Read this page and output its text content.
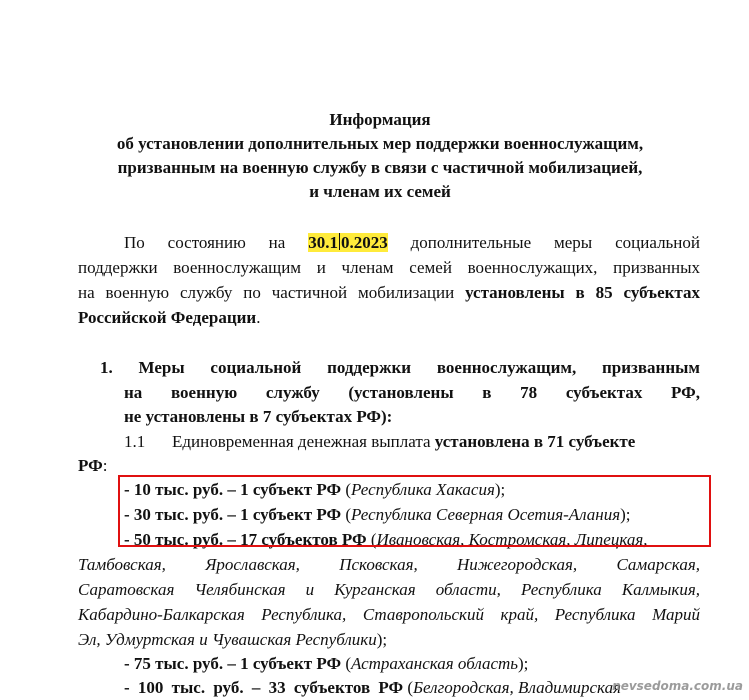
Информация
об установлении дополнительных мер поддержки военнослужащим,
призванным на военную службу в связи с частичной мобилизацией,
и членам их семей
По состоянию на 30.1 0.2023 дополнительные меры социальной
поддержки военнослужащим и членам семей военнослужащих, призванных
на военную службу по частичной мобилизации установлены в 85 субъектах
Российской Федерации.
1. Меры социальной поддержки военнослужащим, призванным
на военную службу (установлены в 78 субъектах РФ,
не установлены в 7 субъектах РФ):
1.1 Единовременная денежная выплата установлена в 71 субъекте
РФ:
- 10 тыс. руб. – 1 субъект РФ (Республика Хакасия);
- 30 тыс. руб. – 1 субъект РФ (Республика Северная Осетия-Алания);
- 50 тыс. руб. – 17 субъектов РФ (Ивановская, Костромская, Липецкая,
Тамбовская, Ярославская, Псковская, Нижегородская, Самарская,
Саратовская Челябинская и Курганская области, Республика Калмыкия,
Кабардино-Балкарская Республика, Ставропольский край, Республика Марий
Эл, Удмуртская и Чувашская Республики);
- 75 тыс. руб. – 1 субъект РФ (Астраханская область);
- 100 тыс. руб. – 33 субъектов РФ (Белгородская, Владимирская
nevsedoma.com.ua
